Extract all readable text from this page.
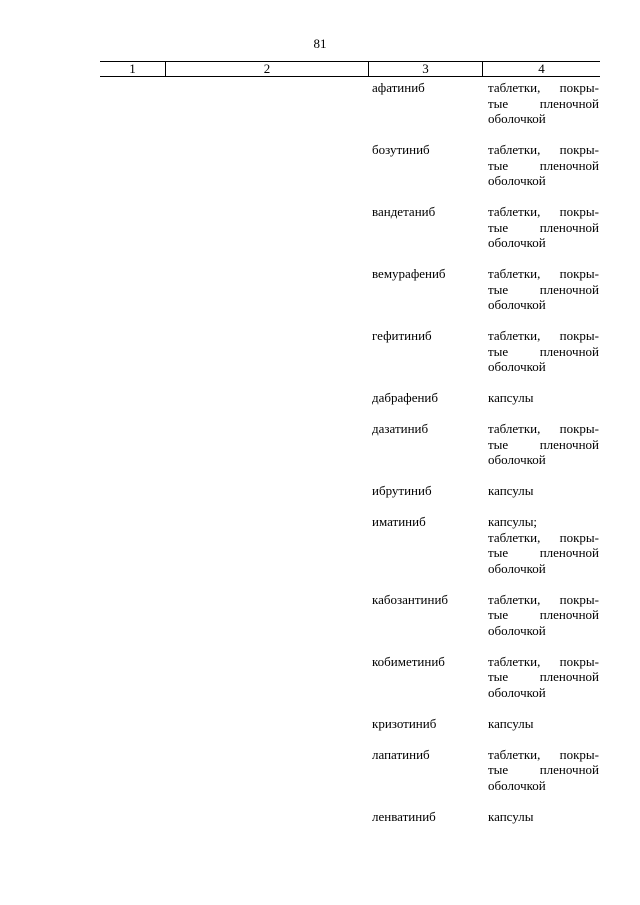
81
1	2	3	4
афатиниб	таблетки, покры-
тые пленочной
оболочкой
бозутиниб	таблетки, покры-
тые пленочной
оболочкой
вандетаниб	таблетки, покры-
тые пленочной
оболочкой
вемурафениб	таблетки, покры-
тые пленочной
оболочкой
гефитиниб	таблетки, покры-
тые пленочной
оболочкой
дабрафениб	капсулы
дазатиниб	таблетки, покры-
тые пленочной
оболочкой
ибрутиниб	капсулы
иматиниб	капсулы;
таблетки, покры-
тые пленочной
оболочкой
кабозантиниб	таблетки, покры-
тые пленочной
оболочкой
кобиметиниб	таблетки, покры-
тые пленочной
оболочкой
кризотиниб	капсулы
лапатиниб	таблетки, покры-
тые пленочной
оболочкой
ленватиниб	капсулы
